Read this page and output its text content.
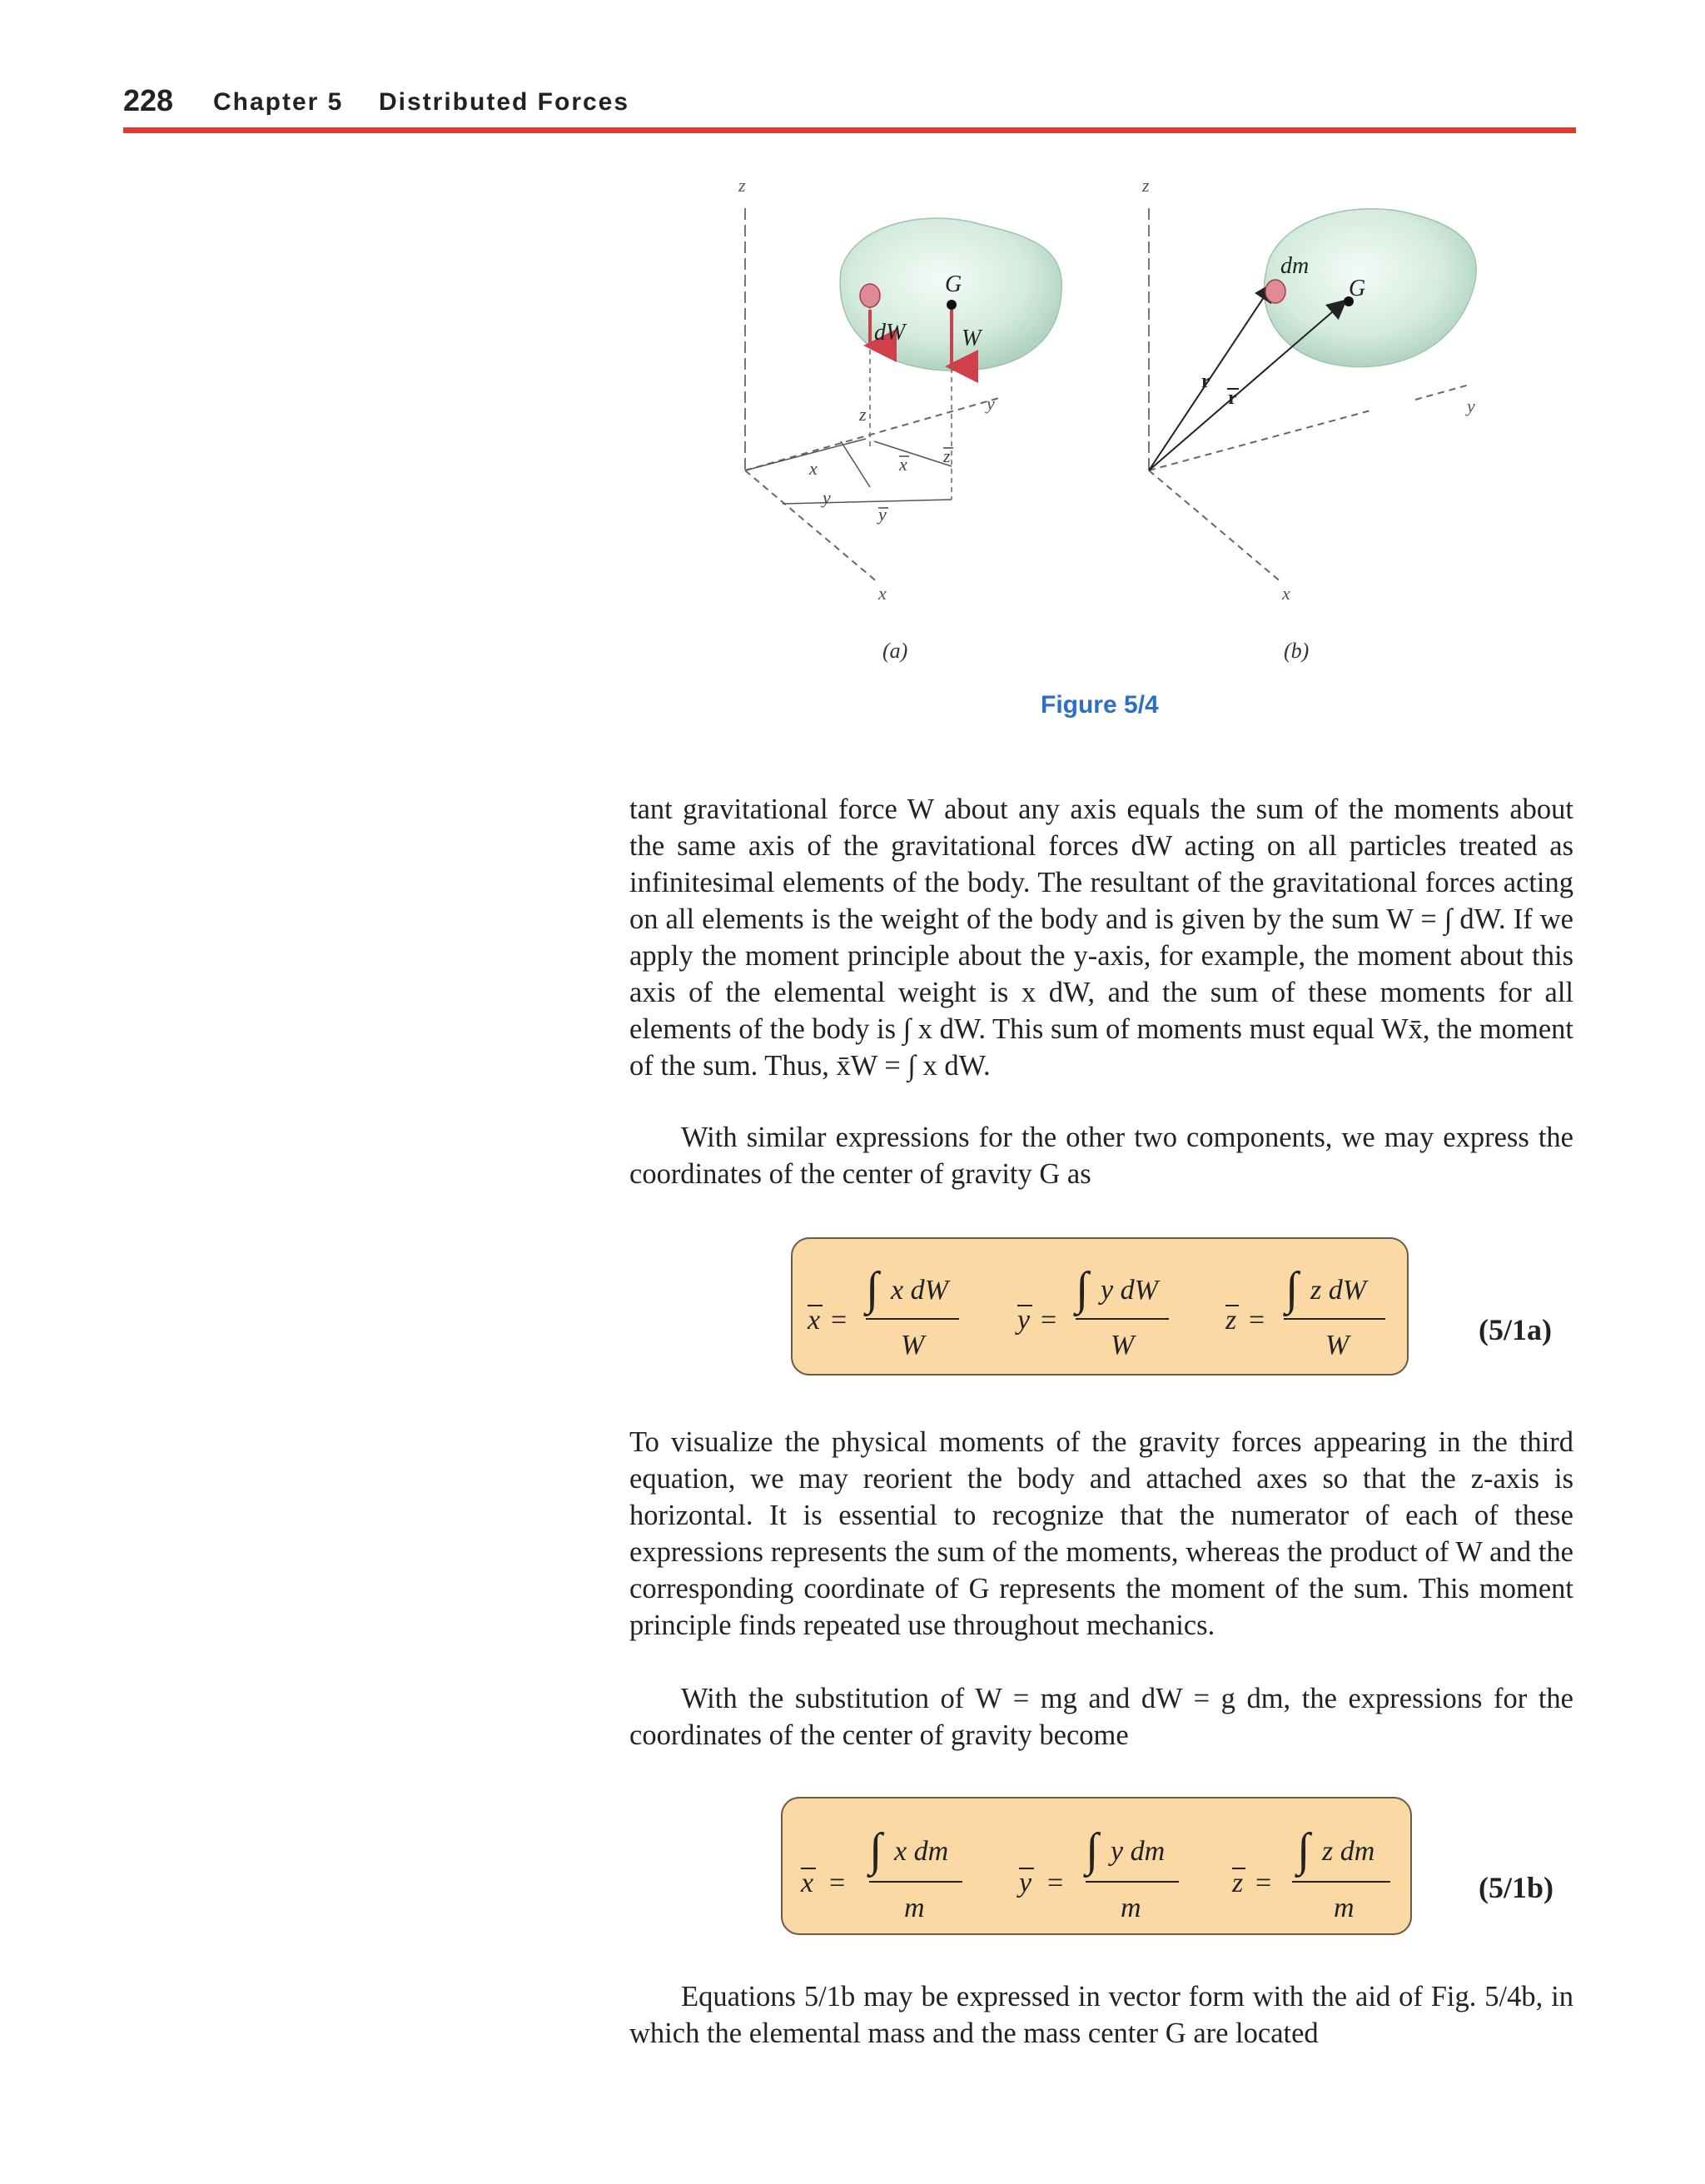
228 Chapter 5 Distributed Forces
z
y
x
G
dW W
z
x
y
x
y
z
(a)
z
y
x
dm
G
r
r
(b)
Figure 5/4

tant gravitational force W about any axis equals the sum of the moments about the same axis of the gravitational forces dW acting on all particles treated as infinitesimal elements of the body. The resultant of the gravitational forces acting on all elements is the weight of the body and is given by the sum W = ∫ dW. If we apply the moment principle about the y-axis, for example, the moment about this axis of the elemental weight is x dW, and the sum of these moments for all elements of the body is ∫ x dW. This sum of moments must equal Wx̄, the moment of the sum. Thus, x̄W = ∫ x dW.

With similar expressions for the other two components, we may express the coordinates of the center of gravity G as

x =
∫ x dW
W
y =
∫ y dW
W
z =
∫ z dW
W	(5/1a)

To visualize the physical moments of the gravity forces appearing in the third equation, we may reorient the body and attached axes so that the z-axis is horizontal. It is essential to recognize that the numerator of each of these expressions represents the sum of the moments, whereas the product of W and the corresponding coordinate of G represents the moment of the sum. This moment principle finds repeated use throughout mechanics.

With the substitution of W = mg and dW = g dm, the expressions for the coordinates of the center of gravity become

x =
∫ x dm
m
y =
∫ y dm
m
z =
∫ z dm
m
(5/1b)

Equations 5/1b may be expressed in vector form with the aid of Fig. 5/4b, in which the elemental mass and the mass center G are located
